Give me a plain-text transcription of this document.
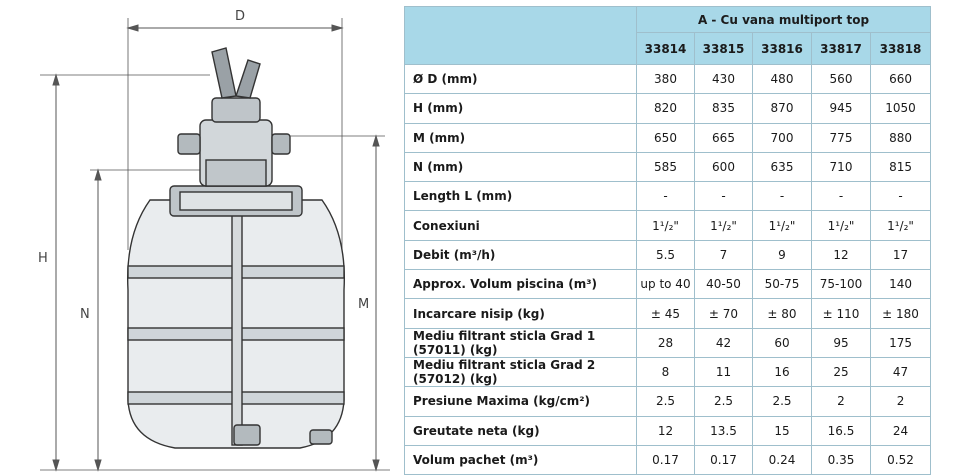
D
H
N
M
	A - Cu vana multiport top				
	33814	33815	33816	33817	33818
Ø D (mm)	380	430	480	560	660
H (mm)	820	835	870	945	1050
M (mm)	650	665	700	775	880
N (mm)	585	600	635	710	815
Length L (mm)	-	-	-	-	-
Conexiuni	1¹/₂"	1¹/₂"	1¹/₂"	1¹/₂"	1¹/₂"
Debit (m³/h)	5.5	7	9	12	17
Approx. Volum piscina (m³)	up to 40	40-50	50-75	75-100	140
Incarcare nisip (kg)	± 45	± 70	± 80	± 110	± 180
Mediu filtrant sticla Grad 1 (57011) (kg)	28	42	60	95	175
Mediu filtrant sticla Grad 2 (57012) (kg)	8	11	16	25	47
Presiune Maxima (kg/cm²)	2.5	2.5	2.5	2	2
Greutate neta (kg)	12	13.5	15	16.5	24
Volum pachet (m³)	0.17	0.17	0.24	0.35	0.52
